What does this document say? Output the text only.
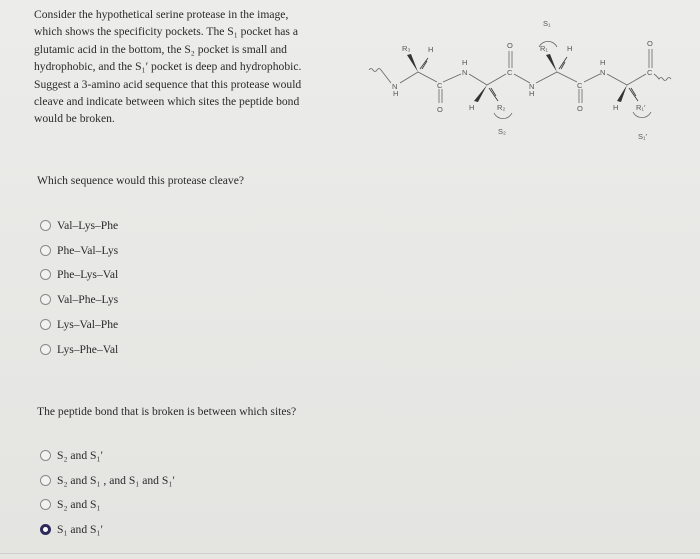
Consider the hypothetical serine protease in the image,
which shows the specificity pockets. The S₁ pocket has a
glutamic acid in the bottom, the S₂ pocket is small and
hydrophobic, and the S₁′ pocket is deep and hydrophobic.
Suggest a 3-amino acid sequence that this protease would
cleave and indicate between which sites the peptide bond
would be broken.
N
H
R₃ H
C
O
H
N
H	R₂
S₂
C
O
N
H
R₁	H
S₁
C
O
H
N
H R₁′
S₁′
C
O
Which sequence would this protease cleave?
Val–Lys–Phe
Phe–Val–Lys
Phe–Lys–Val
Val–Phe–Lys
Lys–Val–Phe
Lys–Phe–Val
The peptide bond that is broken is between which sites?
S₂ and S₁′
S₂ and S₁ , and S₁ and S₁′
S₂ and S₁
S₁ and S₁′
